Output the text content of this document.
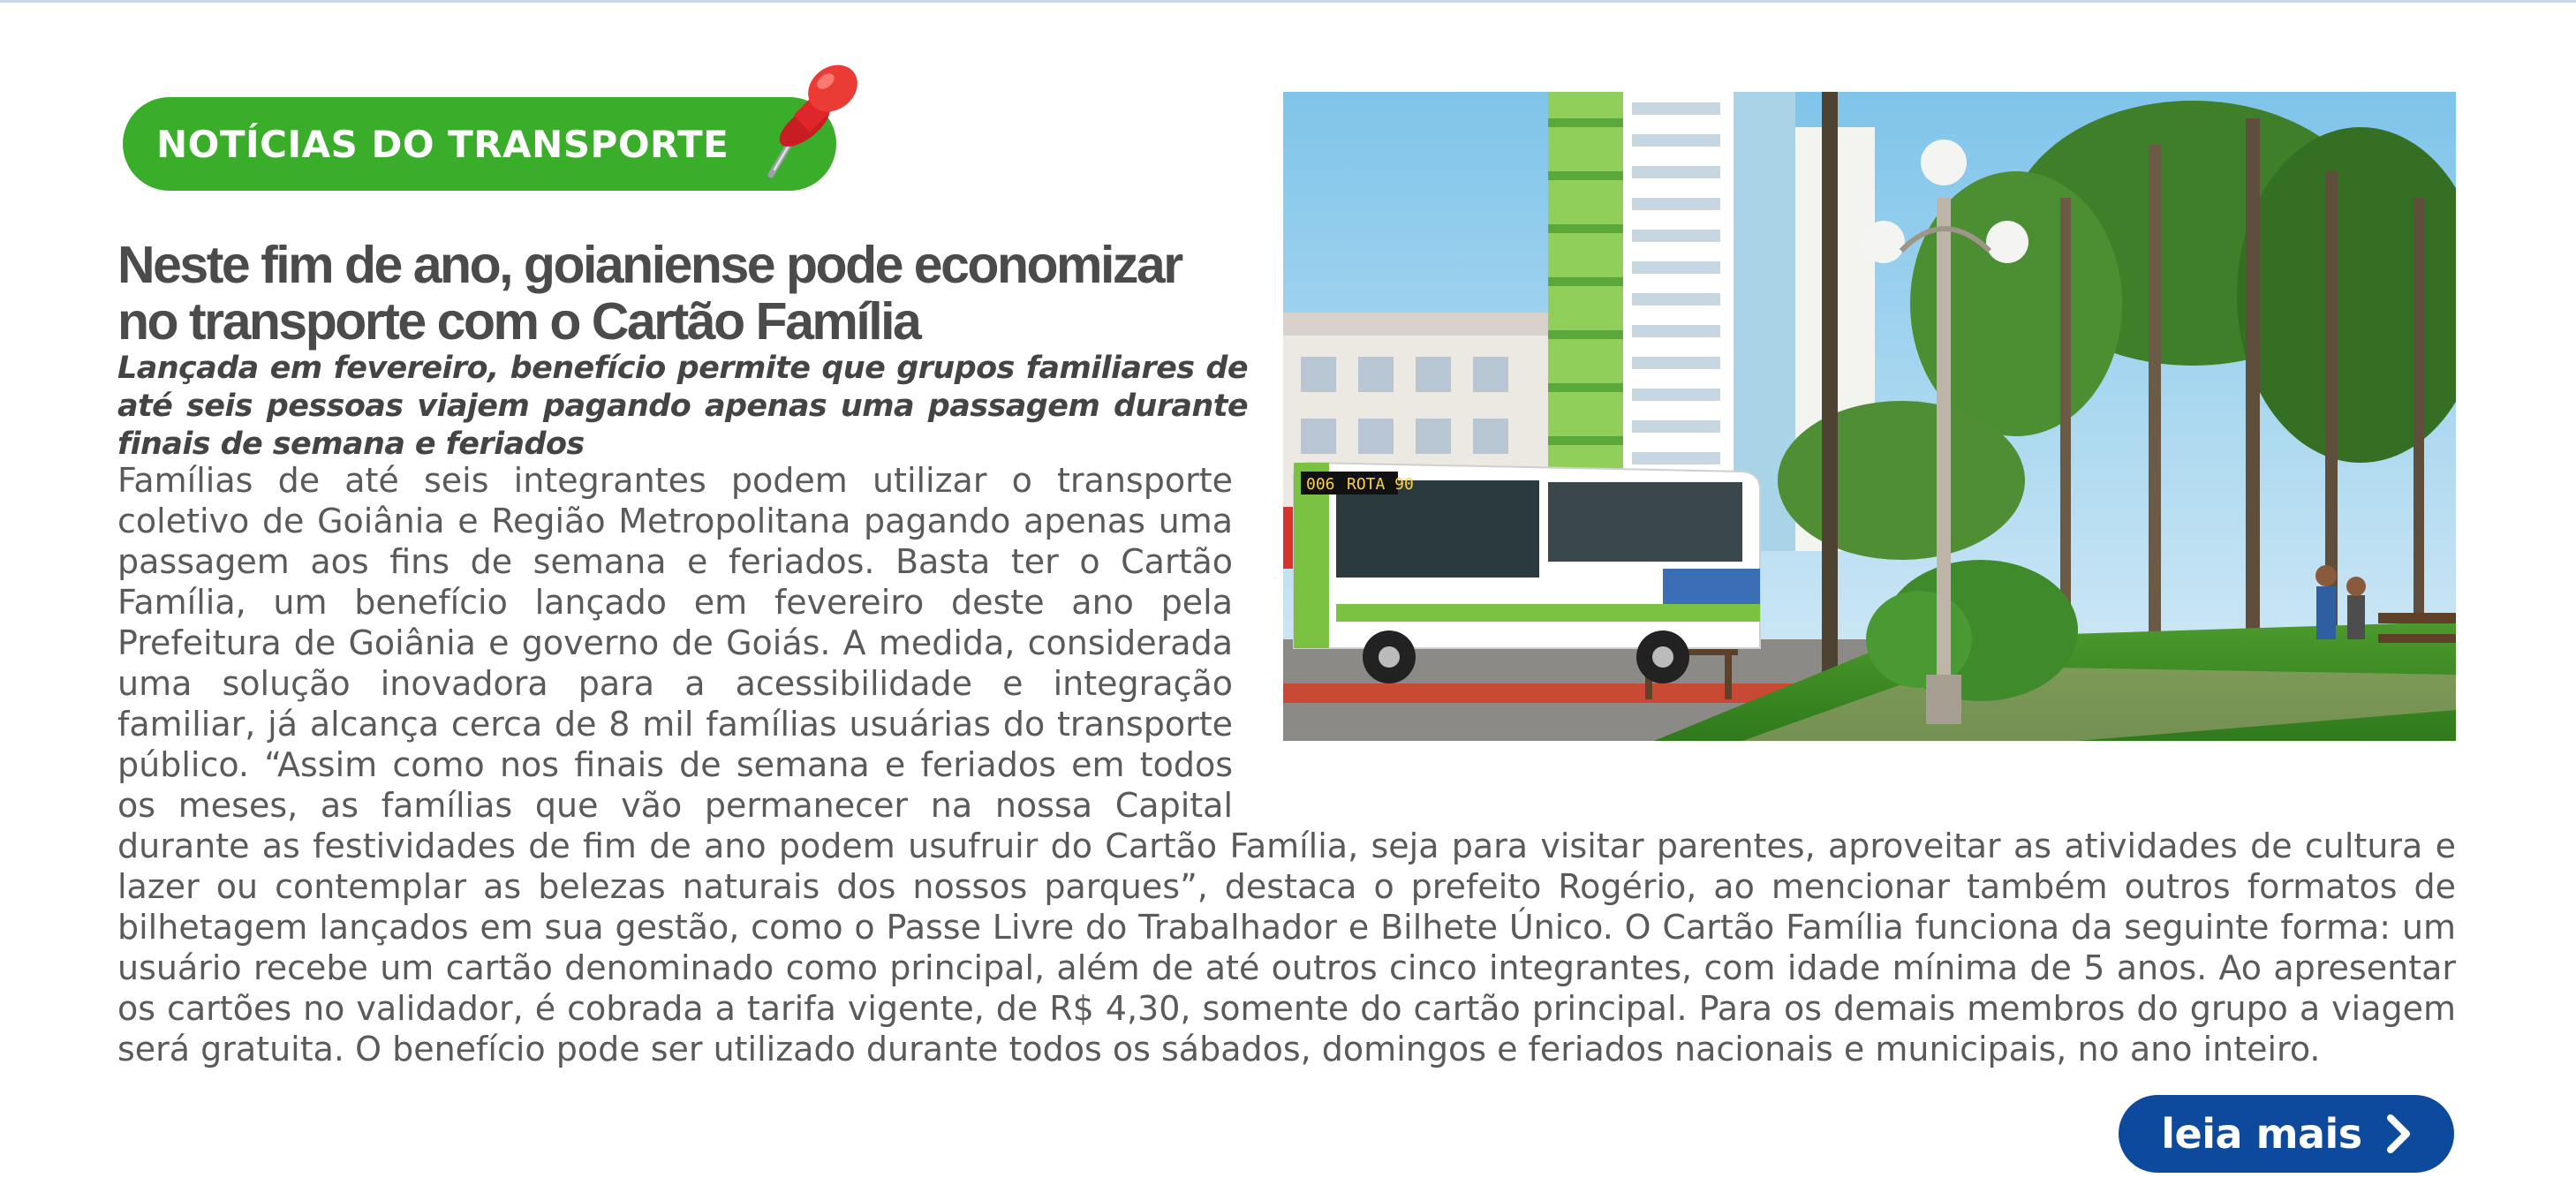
NOTÍCIAS DO TRANSPORTE
Neste fim de ano, goianiense pode economizar no transporte com o Cartão Família

Lançada em fevereiro, benefício permite que grupos familiares de até seis pessoas viajem pagando apenas uma passagem durante finais de semana e feriados

Famílias de até seis integrantes podem utilizar o transporte coletivo de Goiânia e Região Metropolitana pagando apenas uma passagem aos fins de semana e feriados. Basta ter o Cartão Família, um benefício lançado em fevereiro deste ano pela Prefeitura de Goiânia e governo de Goiás. A medida, considerada uma solução inovadora para a acessibilidade e integração familiar, já alcança cerca de 8 mil famílias usuárias do transporte público. “Assim como nos finais de semana e feriados em todos os meses, as famílias que vão permanecer na nossa Capital durante as festividades de fim de ano podem usufruir do Cartão Família, seja para visitar parentes, aproveitar as atividades de cultura e lazer ou contemplar as belezas naturais dos nossos parques”, destaca o prefeito Rogério, ao mencionar também outros formatos de bilhetagem lançados em sua gestão, como o Passe Livre do Trabalhador e Bilhete Único. O Cartão Família funciona da seguinte forma: um usuário recebe um cartão denominado como principal, além de até outros cinco integrantes, com idade mínima de 5 anos. Ao apresentar os cartões no validador, é cobrada a tarifa vigente, de R$ 4,30, somente do cartão principal. Para os demais membros do grupo a viagem será gratuita. O benefício pode ser utilizado durante todos os sábados, domingos e feriados nacionais e municipais, no ano inteiro.
006 ROTA 90
leia mais
